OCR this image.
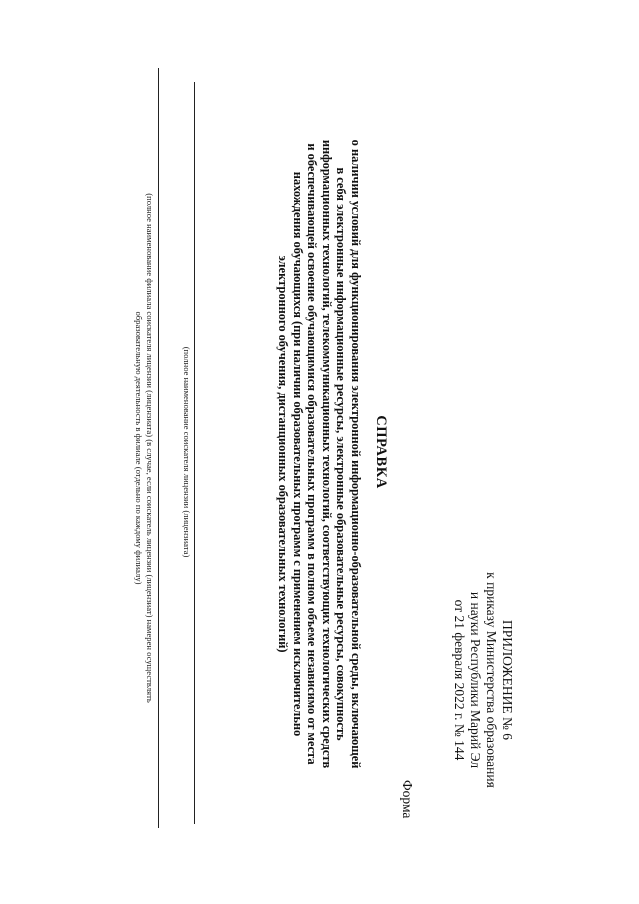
ПРИЛОЖЕНИЕ № 6
к приказу Министерства образования
и науки Республики Марий Эл
от 21 февраля 2022 г. № 144
Форма
СПРАВКА
о наличии условий для функционирования электронной информационно-образовательной среды, включающей
в себя электронные информационные ресурсы, электронные образовательные ресурсы, совокупность
информационных технологий, телекоммуникационных технологий, соответствующих технологических средств
и обеспечивающей освоение обучающимися образовательных программ в полном объеме независимо от места
нахождения обучающихся (при наличии образовательных программ с применением исключительно
электронного обучения, дистанционных образовательных технологий)
(полное наименование соискателя лицензии (лицензиата)
(полное наименование филиала соискателя лицензии (лицензиата) (в случае, если соискатель лицензии (лицензиат) намерен осуществлять
образовательную деятельность в филиале (отдельно по каждому филиалу)
